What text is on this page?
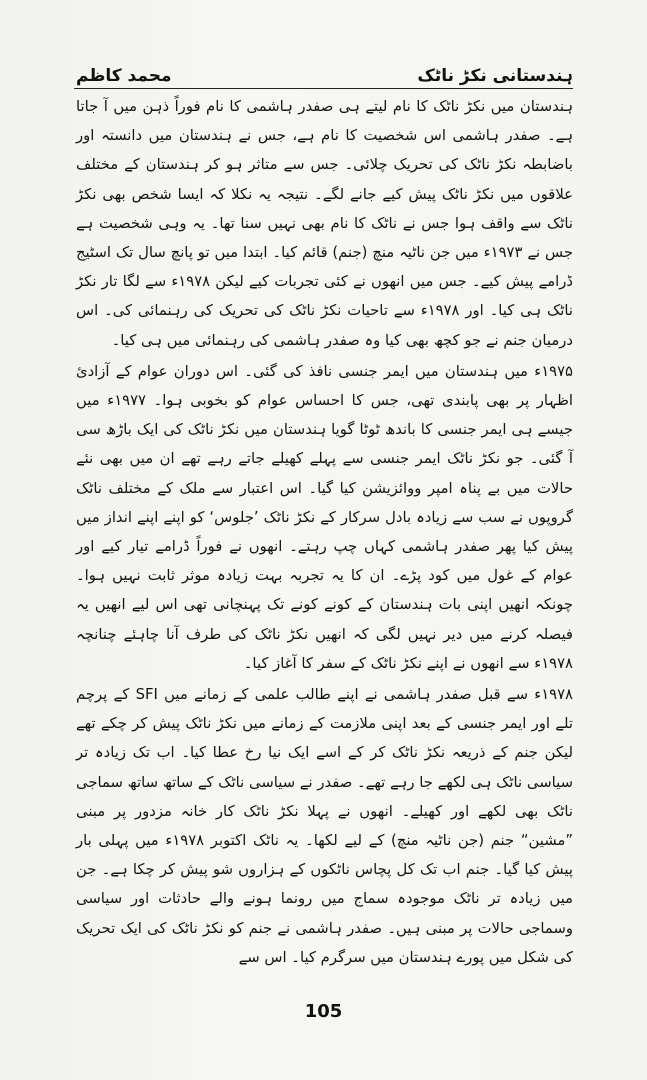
محمد کاظم	ہندستانی نکڑ ناٹک

ہندستان میں نکڑ ناٹک کا نام لیتے ہی صفدر ہاشمی کا نام فوراً ذہن میں آ جاتا ہے۔ صفدر ہاشمی اس شخصیت کا نام ہے، جس نے ہندستان میں دانستہ اور باضابطہ نکڑ ناٹک کی تحریک چلائی۔ جس سے متاثر ہو کر ہندستان کے مختلف علاقوں میں نکڑ ناٹک پیش کیے جانے لگے۔ نتیجہ یہ نکلا کہ ایسا شخص بھی نکڑ ناٹک سے واقف ہوا جس نے ناٹک کا نام بھی نہیں سنا تھا۔ یہ وہی شخصیت ہے جس نے ۱۹۷۳ء میں جن ناٹیہ منچ (جنم) قائم کیا۔ ابتدا میں تو پانچ سال تک اسٹیج ڈرامے پیش کیے۔ جس میں انھوں نے کئی تجربات کیے لیکن ۱۹۷۸ء سے لگا تار نکڑ ناٹک ہی کیا۔ اور ۱۹۷۸ء سے تاحیات نکڑ ناٹک کی تحریک کی رہنمائی کی۔ اس درمیان جنم نے جو کچھ بھی کیا وہ صفدر ہاشمی کی رہنمائی میں ہی کیا۔

۱۹۷۵ء میں ہندستان میں ایمر جنسی نافذ کی گئی۔ اس دوران عوام کے آزادیٔ اظہار پر بھی پابندی تھی، جس کا احساس عوام کو بخوبی ہوا۔ ۱۹۷۷ء میں جیسے ہی ایمر جنسی کا باندھ ٹوٹا گویا ہندستان میں نکڑ ناٹک کی ایک باڑھ سی آ گئی۔ جو نکڑ ناٹک ایمر جنسی سے پہلے کھیلے جاتے رہے تھے ان میں بھی نئے حالات میں بے پناہ امپر ووائزیشن کیا گیا۔ اس اعتبار سے ملک کے مختلف ناٹک گروپوں نے سب سے زیادہ بادل سرکار کے نکڑ ناٹک ’جلوس‘ کو اپنے اپنے انداز میں پیش کیا پھر صفدر ہاشمی کہاں چپ رہتے۔ انھوں نے فوراً ڈرامے تیار کیے اور عوام کے غول میں کود پڑے۔ ان کا یہ تجربہ بہت زیادہ موثر ثابت نہیں ہوا۔ چونکہ انھیں اپنی بات ہندستان کے کونے کونے تک پہنچانی تھی اس لیے انھیں یہ فیصلہ کرنے میں دیر نہیں لگی کہ انھیں نکڑ ناٹک کی طرف آنا چاہئے چنانچہ ۱۹۷۸ء سے انھوں نے اپنے نکڑ ناٹک کے سفر کا آغاز کیا۔

۱۹۷۸ء سے قبل صفدر ہاشمی نے اپنے طالب علمی کے زمانے میں SFI کے پرچم تلے اور ایمر جنسی کے بعد اپنی ملازمت کے زمانے میں نکڑ ناٹک پیش کر چکے تھے لیکن جنم کے ذریعہ نکڑ ناٹک کر کے اسے ایک نیا رخ عطا کیا۔ اب تک زیادہ تر سیاسی ناٹک ہی لکھے جا رہے تھے۔ صفدر نے سیاسی ناٹک کے ساتھ ساتھ سماجی ناٹک بھی لکھے اور کھیلے۔ انھوں نے پہلا نکڑ ناٹک کار خانہ مزدور پر مبنی ”مشین“ جنم (جن ناٹیہ منچ) کے لیے لکھا۔ یہ ناٹک اکتوبر ۱۹۷۸ء میں پہلی بار پیش کیا گیا۔ جنم اب تک کل پچاس ناٹکوں کے ہزاروں شو پیش کر چکا ہے۔ جن میں زیادہ تر ناٹک موجودہ سماج میں رونما ہونے والے حادثات اور سیاسی وسماجی حالات پر مبنی ہیں۔ صفدر ہاشمی نے جنم کو نکڑ ناٹک کی ایک تحریک کی شکل میں پورے ہندستان میں سرگرم کیا۔ اس سے

105
